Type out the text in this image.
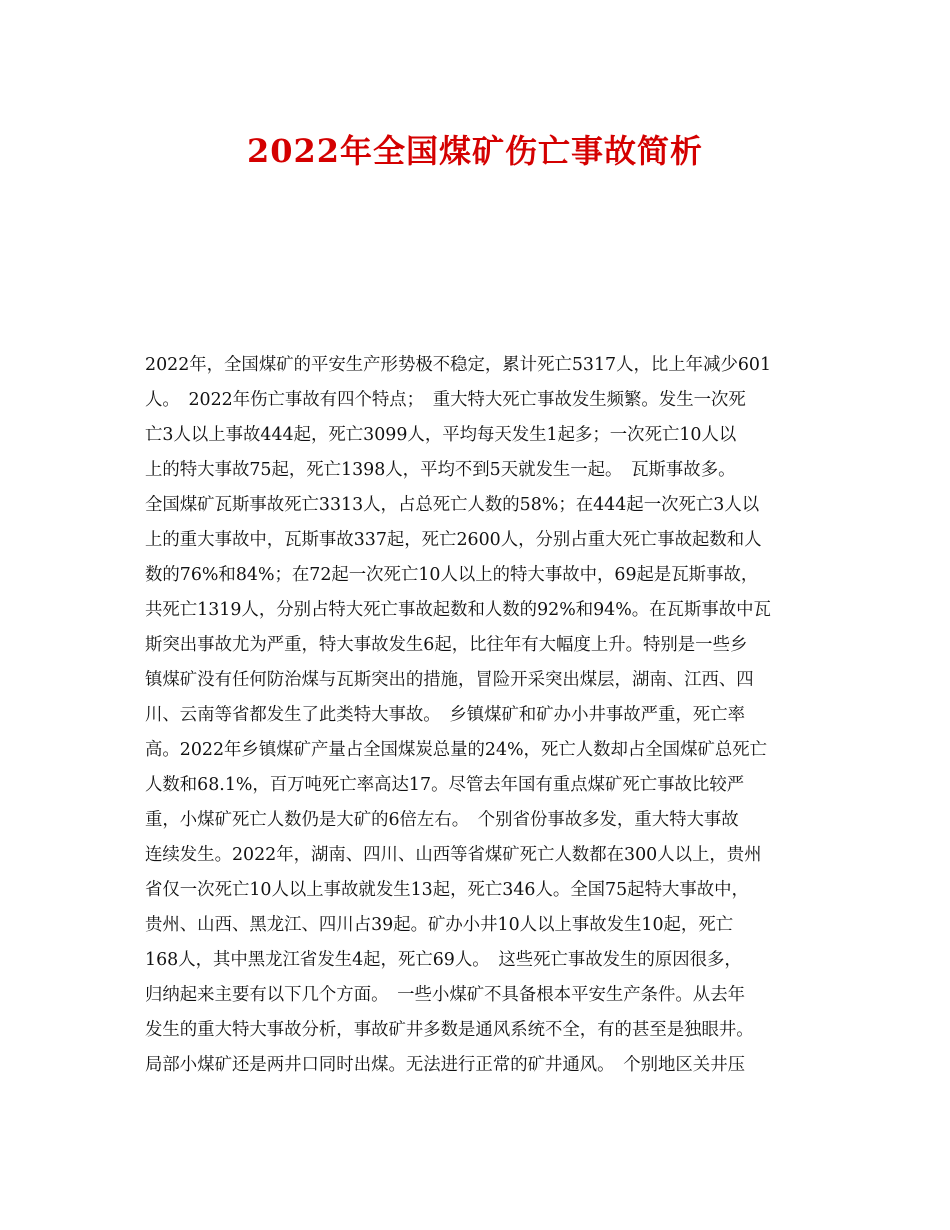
2022年全国煤矿伤亡事故简析
2022年，全国煤矿的平安生产形势极不稳定，累计死亡5317人，比上年减少601
人。　2022年伤亡事故有四个特点；　重大特大死亡事故发生频繁。发生一次死
亡3人以上事故444起，死亡3099人，平均每天发生1起多；一次死亡10人以
上的特大事故75起，死亡1398人，平均不到5天就发生一起。　瓦斯事故多。
全国煤矿瓦斯事故死亡3313人，占总死亡人数的58%；在444起一次死亡3人以
上的重大事故中，瓦斯事故337起，死亡2600人，分别占重大死亡事故起数和人
数的76%和84%；在72起一次死亡10人以上的特大事故中，69起是瓦斯事故，
共死亡1319人，分别占特大死亡事故起数和人数的92%和94%。在瓦斯事故中瓦
斯突出事故尤为严重，特大事故发生6起，比往年有大幅度上升。特别是一些乡
镇煤矿没有任何防治煤与瓦斯突出的措施，冒险开采突出煤层，湖南、江西、四
川、云南等省都发生了此类特大事故。　乡镇煤矿和矿办小井事故严重，死亡率
高。2022年乡镇煤矿产量占全国煤炭总量的24%，死亡人数却占全国煤矿总死亡
人数和68.1%，百万吨死亡率高达17。尽管去年国有重点煤矿死亡事故比较严
重，小煤矿死亡人数仍是大矿的6倍左右。　个别省份事故多发，重大特大事故
连续发生。2022年，湖南、四川、山西等省煤矿死亡人数都在300人以上，贵州
省仅一次死亡10人以上事故就发生13起，死亡346人。全国75起特大事故中，
贵州、山西、黑龙江、四川占39起。矿办小井10人以上事故发生10起，死亡
168人，其中黑龙江省发生4起，死亡69人。　这些死亡事故发生的原因很多，
归纳起来主要有以下几个方面。　一些小煤矿不具备根本平安生产条件。从去年
发生的重大特大事故分析，事故矿井多数是通风系统不全，有的甚至是独眼井。
局部小煤矿还是两井口同时出煤。无法进行正常的矿井通风。　个别地区关井压
